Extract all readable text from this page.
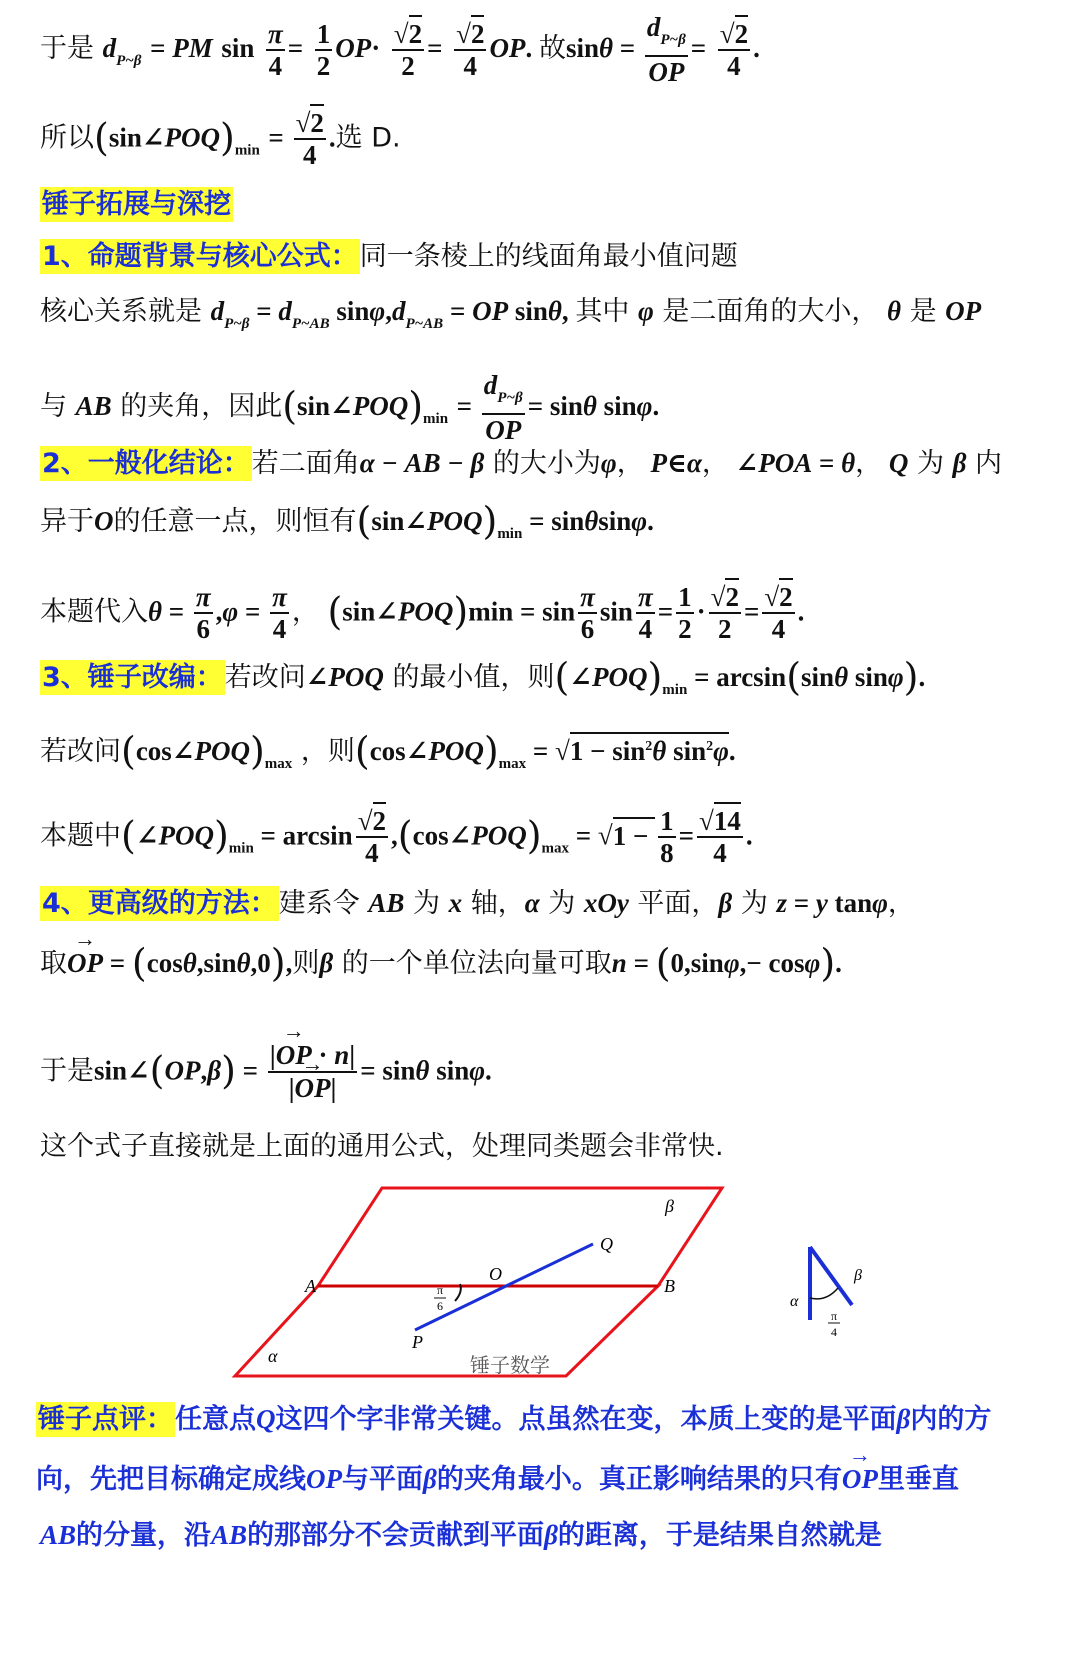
于是 $d_{P\sim\beta}$ = PM $\sin \frac{\pi}{4} = \frac{1}{2} OP\cdot \frac{√2}{2} = \frac{√2}{4}$ OP. 故$\sin\theta = \frac{d_{P\sim\beta}}{OP} = \frac{√2}{4}$ .
所以$(\sin\angle POQ)_{min} = \frac{√2}{4}$ .选 D.
锤子拓展与深挖
1、命题背景与核心公式：同一条棱上的线面角最小值问题
核心关系就是 $d_{P\sim\beta} = d_{P\sim AB}$ $\sin\varphi,d_{P\sim AB}$ = OP sinθ, 其中 φ 是二面角的大小， θ 是 OP
与 AB 的夹角，因此$(\sin\angle POQ)_{min} = \frac{d_{P\sim\beta}}{OP} = \sin\theta$ sinφ.
2、一般化结论：若二面角α − AB − β 的大小为φ， P∈α， ∠POA = θ， Q 为 β 内
异于O的任意一点，则恒有$(\sin\angle POQ)_{min} = \sin\theta\sin\varphi$.
本题代入$\theta = \frac{\pi}{6} ,\varphi = \frac{\pi}{4}$ ， (sin∠POQ)min = $\sin \frac{\pi}{6}$ $\sin \frac{\pi}{4} = \frac{1}{2} \cdot \frac{√2}{2} = \frac{√2}{4}$ .
3、锤子改编：若改问∠POQ 的最小值，则$(\angle POQ)_{min} = \arcsin(\sin\theta$ sinφ).
若改问$(\cos\angle POQ)_{max}$ ，则$(\cos\angle POQ)_{max} = √1 - \sin^2\theta$ $\sin^2\varphi$.
本题中$(\angle POQ)_{min} = \arcsin \frac{√2}{4}$ $,(\cos\angle POQ)_{max} = √1 - \frac{1}{8} = \frac{√14}{4}$ .
4、更高级的方法：建系令 AB 为 x 轴，α 为 xOy 平面，β 为 z = y tanφ，
取→ OP = (cosθ,sinθ,0),则β 的一个单位法向量可取n = (0,sinφ,− cosφ).
于是sin∠(OP,β) = $\frac{|\to OP \cdot n|}{|\to OP|} = \sin\theta$ sinφ.
这个式子直接就是上面的通用公式，处理同类题会非常快.
A	B
O
Q
P
β
α
π
6
锤子数学
α
β
π
4
锤子点评：任意点Q这四个字非常关键。点虽然在变，本质上变的是平面β内的方
向，先把目标确定成线OP与平面β的夹角最小。真正影响结果的只有→ OP里垂直
AB的分量，沿AB的那部分不会贡献到平面β的距离，于是结果自然就是
